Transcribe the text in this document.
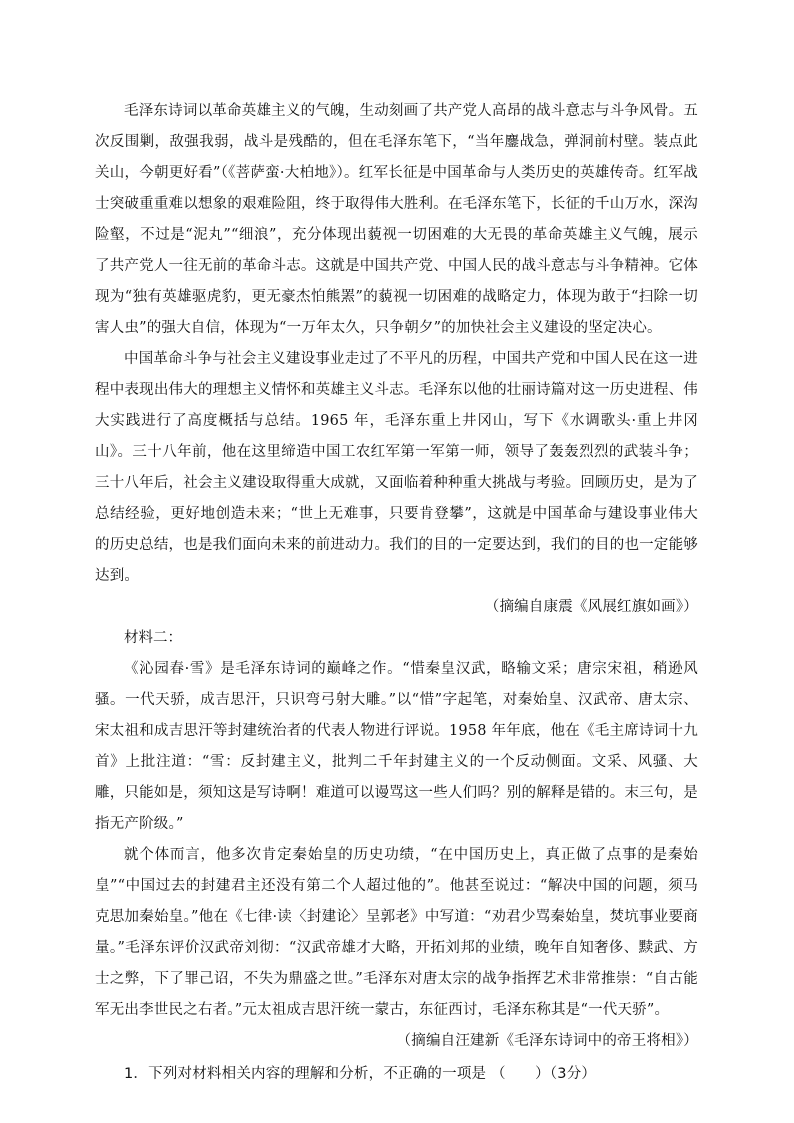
毛泽东诗词以革命英雄主义的气魄，生动刻画了共产党人高昂的战斗意志与斗争风骨。五次反围剿，敌强我弱，战斗是残酷的，但在毛泽东笔下，“当年鏖战急，弹洞前村壁。装点此关山，今朝更好看”（《菩萨蛮·大柏地》）。红军长征是中国革命与人类历史的英雄传奇。红军战士突破重重难以想象的艰难险阻，终于取得伟大胜利。在毛泽东笔下，长征的千山万水，深沟险壑，不过是“泥丸”“细浪”，充分体现出藐视一切困难的大无畏的革命英雄主义气魄，展示了共产党人一往无前的革命斗志。这就是中国共产党、中国人民的战斗意志与斗争精神。它体现为“独有英雄驱虎豹，更无豪杰怕熊罴”的藐视一切困难的战略定力，体现为敢于“扫除一切害人虫”的强大自信，体现为“一万年太久，只争朝夕”的加快社会主义建设的坚定决心。

中国革命斗争与社会主义建设事业走过了不平凡的历程，中国共产党和中国人民在这一进程中表现出伟大的理想主义情怀和英雄主义斗志。毛泽东以他的壮丽诗篇对这一历史进程、伟大实践进行了高度概括与总结。1965 年，毛泽东重上井冈山，写下《水调歌头·重上井冈山》。三十八年前，他在这里缔造中国工农红军第一军第一师，领导了轰轰烈烈的武装斗争；三十八年后，社会主义建设取得重大成就，又面临着种种重大挑战与考验。回顾历史，是为了总结经验，更好地创造未来；“世上无难事，只要肯登攀”，这就是中国革命与建设事业伟大的历史总结，也是我们面向未来的前进动力。我们的目的一定要达到，我们的目的也一定能够达到。

（摘编自康震《风展红旗如画》）

材料二：

《沁园春·雪》是毛泽东诗词的巅峰之作。“惜秦皇汉武，略输文采；唐宗宋祖，稍逊风骚。一代天骄，成吉思汗，只识弯弓射大雕。”以“惜”字起笔，对秦始皇、汉武帝、唐太宗、宋太祖和成吉思汗等封建统治者的代表人物进行评说。1958 年年底，他在《毛主席诗词十九首》上批注道：“雪：反封建主义，批判二千年封建主义的一个反动侧面。文采、风骚、大雕，只能如是，须知这是写诗啊！难道可以谩骂这一些人们吗？别的解释是错的。末三句，是指无产阶级。”

就个体而言，他多次肯定秦始皇的历史功绩，“在中国历史上，真正做了点事的是秦始皇”“中国过去的封建君主还没有第二个人超过他的”。他甚至说过：“解决中国的问题，须马克思加秦始皇。”他在《七律·读〈封建论〉呈郭老》中写道：“劝君少骂秦始皇，焚坑事业要商量。”毛泽东评价汉武帝刘彻：“汉武帝雄才大略，开拓刘邦的业绩，晚年自知奢侈、黩武、方士之弊，下了罪己诏，不失为鼎盛之世。”毛泽东对唐太宗的战争指挥艺术非常推崇：“自古能军无出李世民之右者。”元太祖成吉思汗统一蒙古，东征西讨，毛泽东称其是“一代天骄”。

（摘编自汪建新《毛泽东诗词中的帝王将相》）

1．下列对材料相关内容的理解和分析，不正确的一项是 （　　）（3分）
